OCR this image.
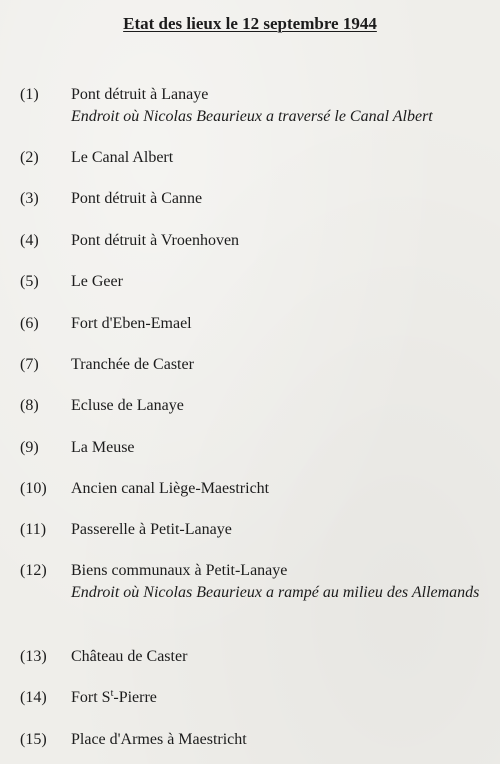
Etat des lieux le 12 septembre 1944
(1) Pont détruit à Lanaye
Endroit où Nicolas Beaurieux a traversé le Canal Albert
(2) Le Canal Albert
(3) Pont détruit à Canne
(4) Pont détruit à Vroenhoven
(5) Le Geer
(6) Fort d'Eben-Emael
(7) Tranchée de Caster
(8) Ecluse de Lanaye
(9) La Meuse
(10) Ancien canal Liège-Maestricht
(11) Passerelle à Petit-Lanaye
(12) Biens communaux à Petit-Lanaye
Endroit où Nicolas Beaurieux a rampé au milieu des Allemands
(13) Château de Caster
(14) Fort $S^t$-Pierre
(15) Place d'Armes à Maestricht
